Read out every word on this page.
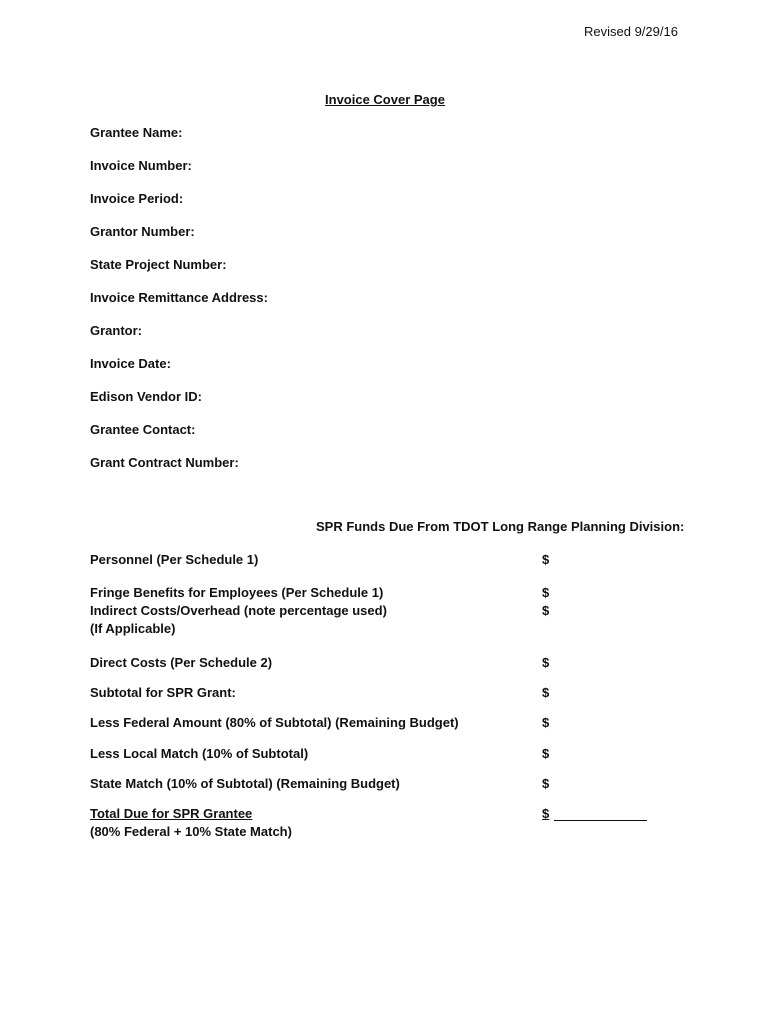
Revised 9/29/16
Invoice Cover Page
Grantee Name:
Invoice Number:
Invoice Period:
Grantor Number:
State Project Number:
Invoice Remittance Address:
Grantor:
Invoice Date:
Edison Vendor ID:
Grantee Contact:
Grant Contract Number:
SPR Funds Due From TDOT Long Range Planning Division:
Personnel (Per Schedule 1)	$
Fringe Benefits for Employees (Per Schedule 1)	$
Indirect Costs/Overhead (note percentage used)	$
(If Applicable)
Direct Costs (Per Schedule 2)	$
Subtotal for SPR Grant:	$
Less Federal Amount (80% of Subtotal) (Remaining Budget)	$
Less Local Match (10% of Subtotal)	$
State Match (10% of Subtotal) (Remaining Budget)	$
Total Due for SPR Grantee	$
(80% Federal + 10% State Match)
